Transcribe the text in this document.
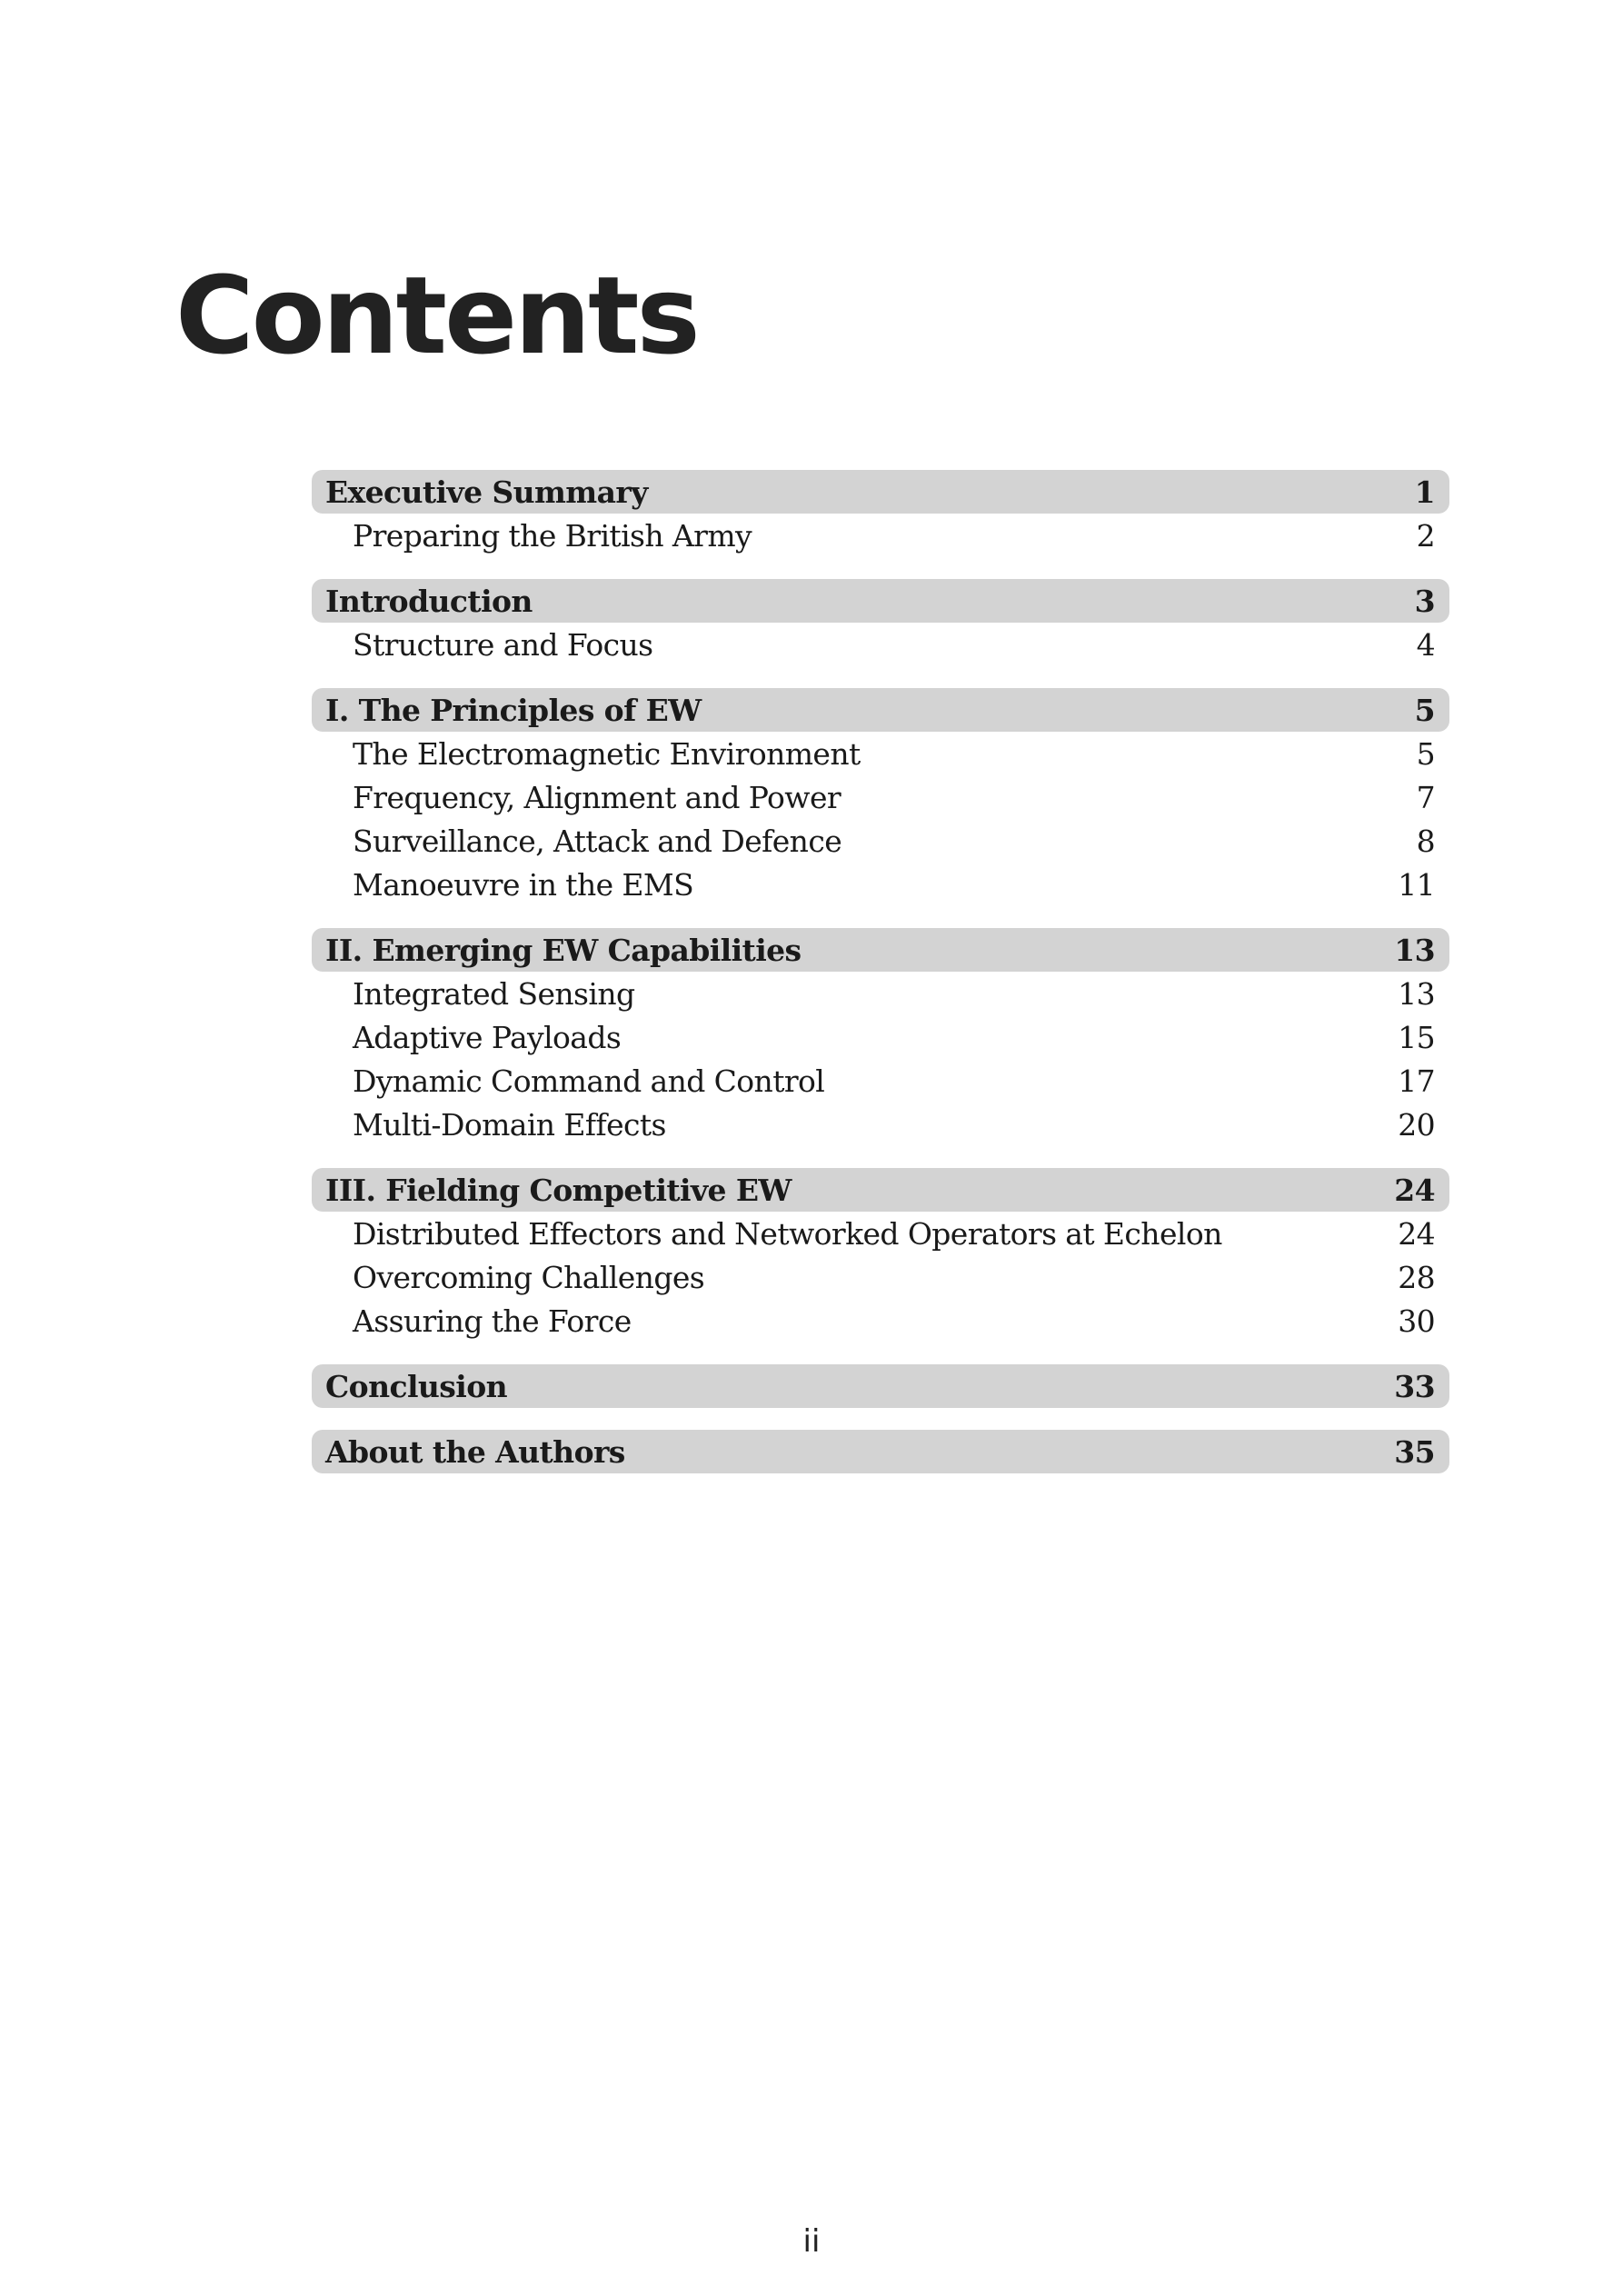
Contents
Executive Summary	1
Preparing the British Army	2
Introduction	3
Structure and Focus	4
I. The Principles of EW	5
The Electromagnetic Environment	5
Frequency, Alignment and Power	7
Surveillance, Attack and Defence	8
Manoeuvre in the EMS	11
II. Emerging EW Capabilities	13
Integrated Sensing	13
Adaptive Payloads	15
Dynamic Command and Control	17
Multi-Domain Effects	20
III. Fielding Competitive EW	24
Distributed Effectors and Networked Operators at Echelon	24
Overcoming Challenges	28
Assuring the Force	30
Conclusion	33
About the Authors	35
ii
